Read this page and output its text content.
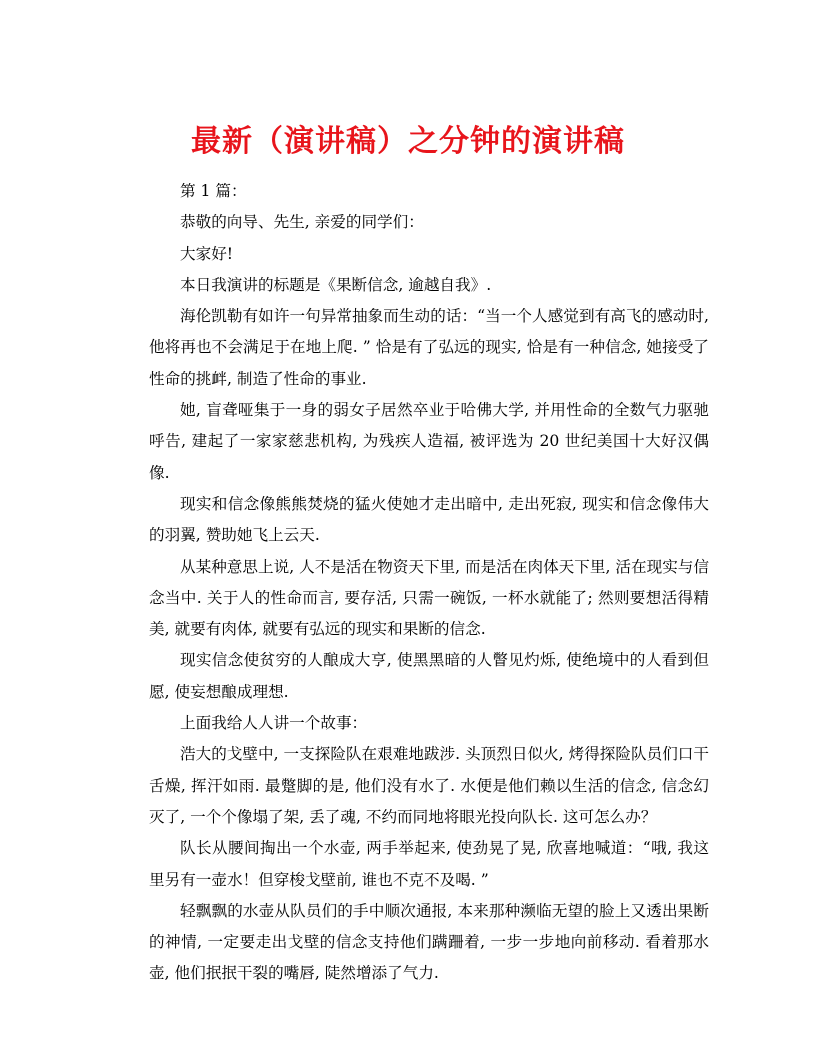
最新（演讲稿）之分钟的演讲稿

第 1 篇：

恭敬的向导、先生, 亲爱的同学们：

大家好!

本日我演讲的标题是《果断信念, 逾越自我》.

海伦凯勒有如许一句异常抽象而生动的话：“当一个人感觉到有高飞的感动时, 他将再也不会满足于在地上爬. ” 恰是有了弘远的现实, 恰是有一种信念, 她接受了性命的挑衅, 制造了性命的事业.

她, 盲聋哑集于一身的弱女子居然卒业于哈佛大学, 并用性命的全数气力驱驰呼告, 建起了一家家慈悲机构, 为残疾人造福, 被评选为 20 世纪美国十大好汉偶像.

现实和信念像熊熊焚烧的猛火使她才走出暗中, 走出死寂, 现实和信念像伟大的羽翼, 赞助她飞上云天.

从某种意思上说, 人不是活在物资天下里, 而是活在肉体天下里, 活在现实与信念当中. 关于人的性命而言, 要存活, 只需一碗饭, 一杯水就能了; 然则要想活得精美, 就要有肉体, 就要有弘远的现实和果断的信念.

现实信念使贫穷的人酿成大亨, 使黑黑暗的人瞥见灼烁, 使绝境中的人看到但愿, 使妄想酿成理想.

上面我给人人讲一个故事：

浩大的戈壁中, 一支探险队在艰难地跋涉. 头顶烈日似火, 烤得探险队员们口干舌燥, 挥汗如雨. 最蹩脚的是, 他们没有水了. 水便是他们赖以生活的信念, 信念幻灭了, 一个个像塌了架, 丢了魂, 不约而同地将眼光投向队长. 这可怎么办？

队长从腰间掏出一个水壶, 两手举起来, 使劲晃了晃, 欣喜地喊道：“哦, 我这里另有一壶水！但穿梭戈壁前, 谁也不克不及喝. ”

轻飘飘的水壶从队员们的手中顺次通报, 本来那种濒临无望的脸上又透出果断的神情, 一定要走出戈壁的信念支持他们蹒跚着, 一步一步地向前移动. 看着那水壶, 他们抿抿干裂的嘴唇, 陡然增添了气力.
